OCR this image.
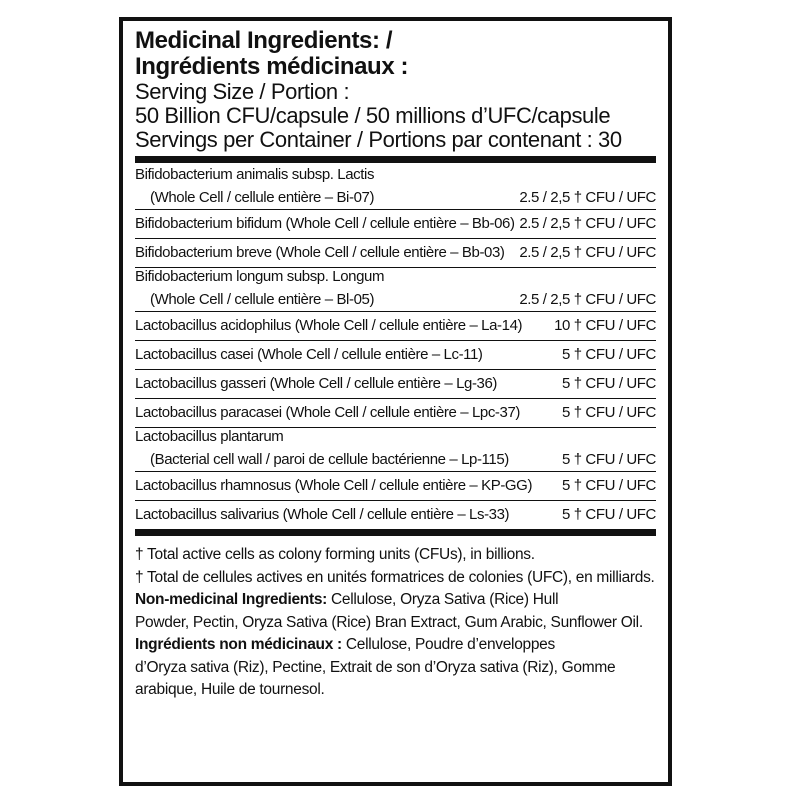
Medicinal Ingredients: /
Ingrédients médicinaux :
Serving Size / Portion :
50 Billion CFU/capsule / 50 millions d’UFC/capsule
Servings per Container / Portions par contenant : 30
Bifidobacterium animalis subsp. Lactis
(Whole Cell / cellule entière – Bi-07)	2.5 / 2,5 † CFU / UFC
Bifidobacterium bifidum (Whole Cell / cellule entière – Bb-06) 2.5 / 2,5 † CFU / UFC
Bifidobacterium breve (Whole Cell / cellule entière – Bb-03) 2.5 / 2,5 † CFU / UFC
Bifidobacterium longum subsp. Longum
(Whole Cell / cellule entière – Bl-05)	2.5 / 2,5 † CFU / UFC
Lactobacillus acidophilus (Whole Cell / cellule entière – La-14) 10 † CFU / UFC
Lactobacillus casei (Whole Cell / cellule entière – Lc-11)	5 † CFU / UFC
Lactobacillus gasseri (Whole Cell / cellule entière – Lg-36)	5 † CFU / UFC
Lactobacillus paracasei (Whole Cell / cellule entière – Lpc-37)	5 † CFU / UFC
Lactobacillus plantarum
(Bacterial cell wall / paroi de cellule bactérienne – Lp-115)	5 † CFU / UFC
Lactobacillus rhamnosus (Whole Cell / cellule entière – KP-GG) 5 † CFU / UFC
Lactobacillus salivarius (Whole Cell / cellule entière – Ls-33)	5 † CFU / UFC

† Total active cells as colony forming units (CFUs), in billions.

† Total de cellules actives en unités formatrices de colonies (UFC), en milliards.

Non-medicinal Ingredients: Cellulose, Oryza Sativa (Rice) Hull

Powder, Pectin, Oryza Sativa (Rice) Bran Extract, Gum Arabic, Sunflower Oil.

Ingrédients non médicinaux : Cellulose, Poudre d’enveloppes

d’Oryza sativa (Riz), Pectine, Extrait de son d’Oryza sativa (Riz), Gomme

arabique, Huile de tournesol.
